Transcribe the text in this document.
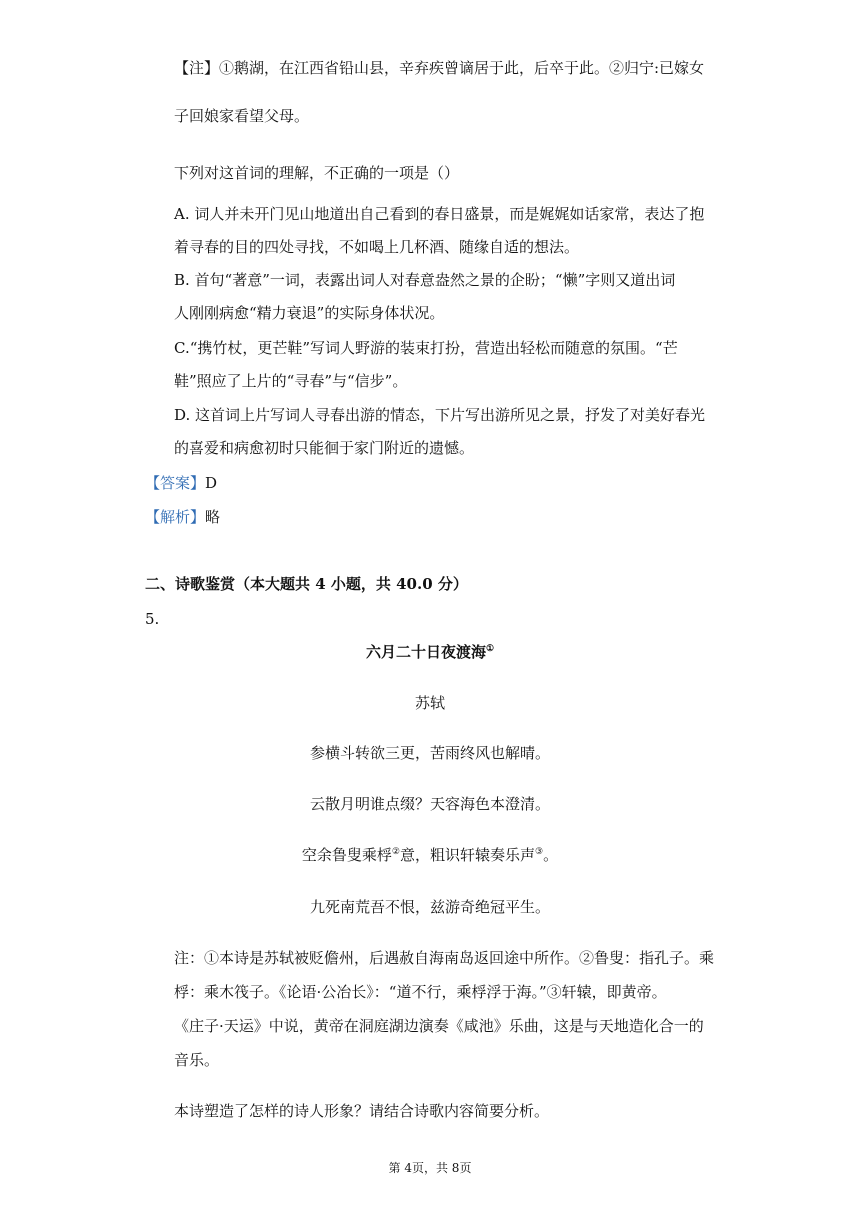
【注】①鹅湖，在江西省铅山县，辛弃疾曾谪居于此，后卒于此。②归宁:已嫁女
子回娘家看望父母。
下列对这首词的理解，不正确的一项是（）
A. 词人并未开门见山地道出自己看到的春日盛景，而是娓娓如话家常，表达了抱
着寻春的目的四处寻找，不如喝上几杯酒、随缘自适的想法。
B. 首句“著意”一词，表露出词人对春意盎然之景的企盼；“懒”字则又道出词
人刚刚病愈“精力衰退”的实际身体状况。
C.“携竹杖，更芒鞋”写词人野游的装束打扮，营造出轻松而随意的氛围。“芒
鞋”照应了上片的“寻春”与“信步”。
D. 这首词上片写词人寻春出游的情态，下片写出游所见之景，抒发了对美好春光
的喜爱和病愈初时只能徊于家门附近的遗憾。
【答案】D
【解析】略
二、诗歌鉴赏（本大题共 4 小题，共 40.0 分）
5.
六月二十日夜渡海①
苏轼
参横斗转欲三更，苦雨终风也解晴。
云散月明谁点缀？天容海色本澄清。
空余鲁叟乘桴②意，粗识轩辕奏乐声③。
九死南荒吾不恨，兹游奇绝冠平生。
注：①本诗是苏轼被贬儋州，后遇赦自海南岛返回途中所作。②鲁叟：指孔子。乘
桴：乘木筏子。《论语·公冶长》：“道不行，乘桴浮于海。”③轩辕，即黄帝。
《庄子·天运》中说，黄帝在洞庭湖边演奏《咸池》乐曲，这是与天地造化合一的
音乐。
本诗塑造了怎样的诗人形象？请结合诗歌内容简要分析。
第 4页，共 8页
